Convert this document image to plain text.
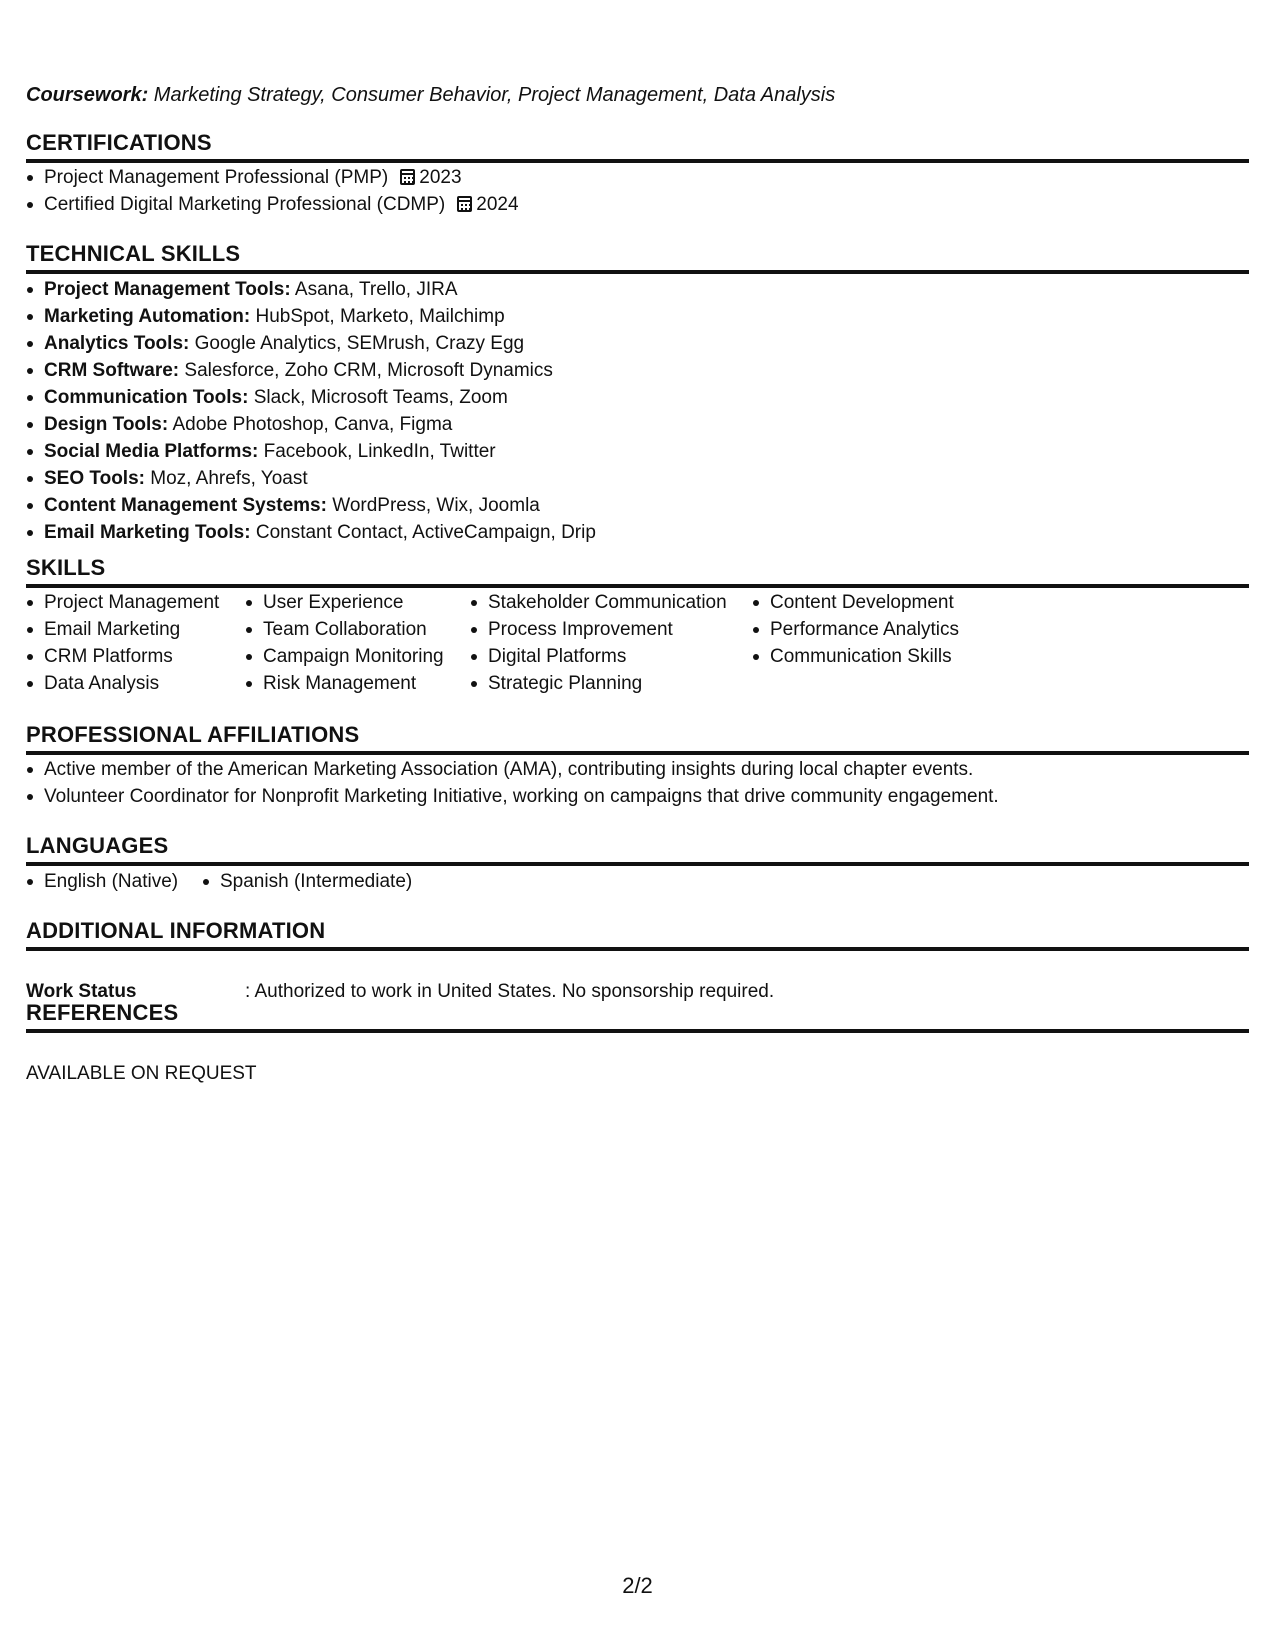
Coursework: Marketing Strategy, Consumer Behavior, Project Management, Data Analysis
CERTIFICATIONS
Project Management Professional (PMP) 2023
Certified Digital Marketing Professional (CDMP) 2024
TECHNICAL SKILLS
Project Management Tools: Asana, Trello, JIRA
Marketing Automation: HubSpot, Marketo, Mailchimp
Analytics Tools: Google Analytics, SEMrush, Crazy Egg
CRM Software: Salesforce, Zoho CRM, Microsoft Dynamics
Communication Tools: Slack, Microsoft Teams, Zoom
Design Tools: Adobe Photoshop, Canva, Figma
Social Media Platforms: Facebook, LinkedIn, Twitter
SEO Tools: Moz, Ahrefs, Yoast
Content Management Systems: WordPress, Wix, Joomla
Email Marketing Tools: Constant Contact, ActiveCampaign, Drip
SKILLS
Project Management
Email Marketing
CRM Platforms
Data Analysis
User Experience
Team Collaboration
Campaign Monitoring
Risk Management
Stakeholder Communication
Process Improvement
Digital Platforms
Strategic Planning
Content Development
Performance Analytics
Communication Skills
PROFESSIONAL AFFILIATIONS
Active member of the American Marketing Association (AMA), contributing insights during local chapter events.
Volunteer Coordinator for Nonprofit Marketing Initiative, working on campaigns that drive community engagement.
LANGUAGES
English (Native)	Spanish (Intermediate)
ADDITIONAL INFORMATION
Work Status	: Authorized to work in United States. No sponsorship required.
REFERENCES
AVAILABLE ON REQUEST
2/2
